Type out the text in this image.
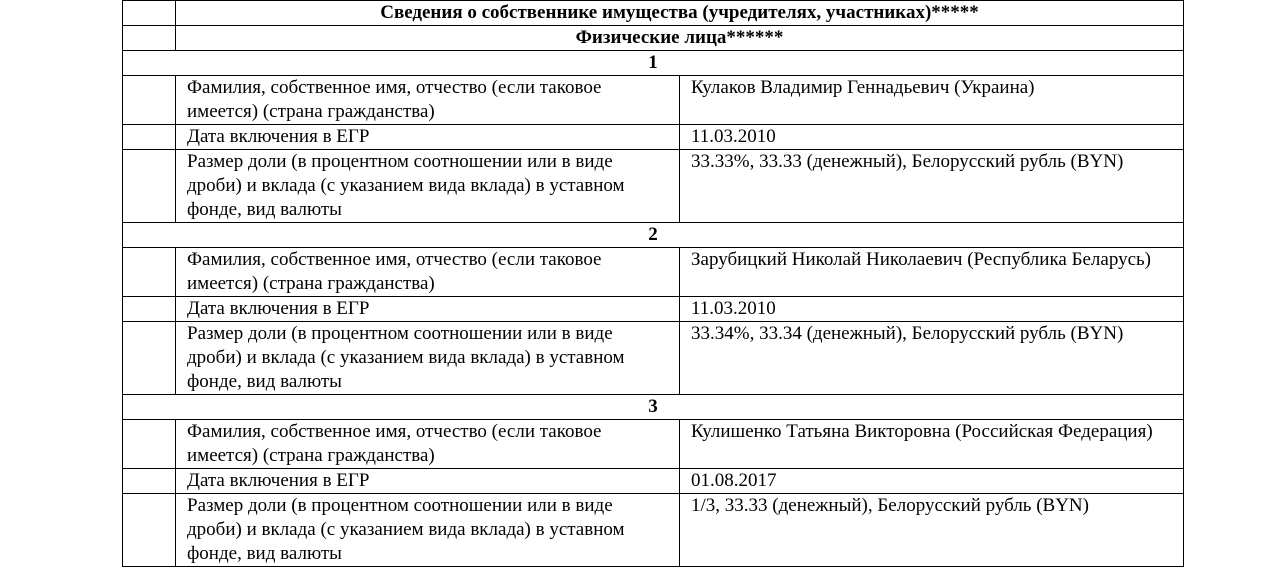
	Сведения о собственнике имущества (учредителях, участниках)*****	
	Физические лица******	
1		
	Фамилия, собственное имя, отчество (если таковое имеется) (страна гражданства)	Кулаков Владимир Геннадьевич (Украина)
	Дата включения в ЕГР	11.03.2010
	Размер доли (в процентном соотношении или в виде дроби) и вклада (с указанием вида вклада) в уставном фонде, вид валюты	33.33%, 33.33 (денежный), Белорусский рубль (BYN)
2		
	Фамилия, собственное имя, отчество (если таковое имеется) (страна гражданства)	Зарубицкий Николай Николаевич (Республика Беларусь)
	Дата включения в ЕГР	11.03.2010
	Размер доли (в процентном соотношении или в виде дроби) и вклада (с указанием вида вклада) в уставном фонде, вид валюты	33.34%, 33.34 (денежный), Белорусский рубль (BYN)
3		
	Фамилия, собственное имя, отчество (если таковое имеется) (страна гражданства)	Кулишенко Татьяна Викторовна (Российская Федерация)
	Дата включения в ЕГР	01.08.2017
	Размер доли (в процентном соотношении или в виде дроби) и вклада (с указанием вида вклада) в уставном фонде, вид валюты	1/3, 33.33 (денежный), Белорусский рубль (BYN)
